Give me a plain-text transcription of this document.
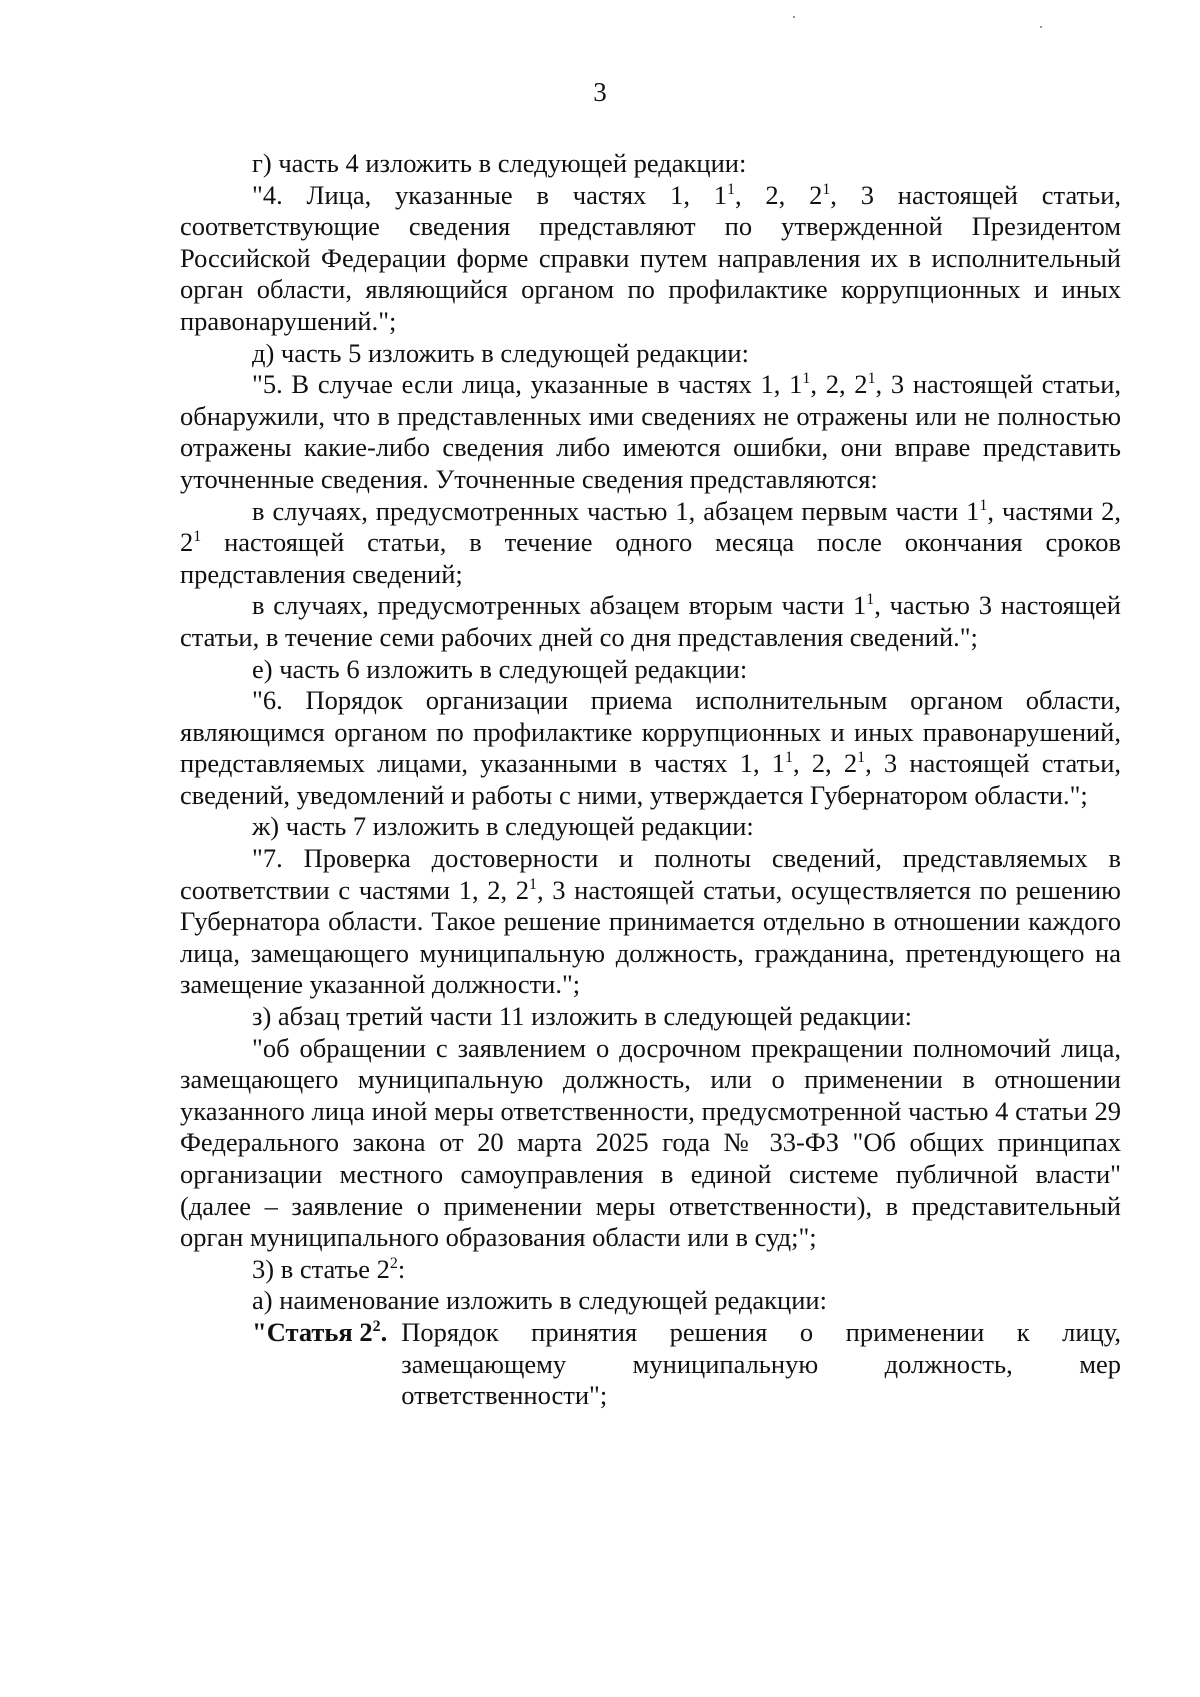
3

г) часть 4 изложить в следующей редакции:

"4. Лица, указанные в частях 1, $1^1$, 2, $2^1$, 3 настоящей статьи, соответствующие сведения представляют по утвержденной Президентом Российской Федерации форме справки путем направления их в исполнительный орган области, являющийся органом по профилактике коррупционных и иных правонарушений.";

д) часть 5 изложить в следующей редакции:

"5. В случае если лица, указанные в частях 1, $1^1$, 2, $2^1$, 3 настоящей статьи, обнаружили, что в представленных ими сведениях не отражены или не полностью отражены какие-либо сведения либо имеются ошибки, они вправе представить уточненные сведения. Уточненные сведения представляются:

в случаях, предусмотренных частью 1, абзацем первым части $1^1$, частями 2, $2^1$ настоящей статьи, в течение одного месяца после окончания сроков представления сведений;

в случаях, предусмотренных абзацем вторым части $1^1$, частью 3 настоящей статьи, в течение семи рабочих дней со дня представления сведений.";

е) часть 6 изложить в следующей редакции:

"6. Порядок организации приема исполнительным органом области, являющимся органом по профилактике коррупционных и иных правонарушений, представляемых лицами, указанными в частях 1, $1^1$, 2, $2^1$, 3 настоящей статьи, сведений, уведомлений и работы с ними, утверждается Губернатором области.";

ж) часть 7 изложить в следующей редакции:

"7. Проверка достоверности и полноты сведений, представляемых в соответствии с частями 1, 2, $2^1$, 3 настоящей статьи, осуществляется по решению Губернатора области. Такое решение принимается отдельно в отношении каждого лица, замещающего муниципальную должность, гражданина, претендующего на замещение указанной должности.";

з) абзац третий части 11 изложить в следующей редакции:

"об обращении с заявлением о досрочном прекращении полномочий лица, замещающего муниципальную должность, или о применении в отношении указанного лица иной меры ответственности, предусмотренной частью 4 статьи 29 Федерального закона от 20 марта 2025 года № 33-ФЗ "Об общих принципах организации местного самоуправления в единой системе публичной власти" (далее – заявление о применении меры ответственности), в представительный орган муниципального образования области или в суд;";

3) в статье $2^2$:

а) наименование изложить в следующей редакции:

"Статья $2^2$. Порядок принятия решения о применении к лицу, замещающему муниципальную должность, мер ответственности";
